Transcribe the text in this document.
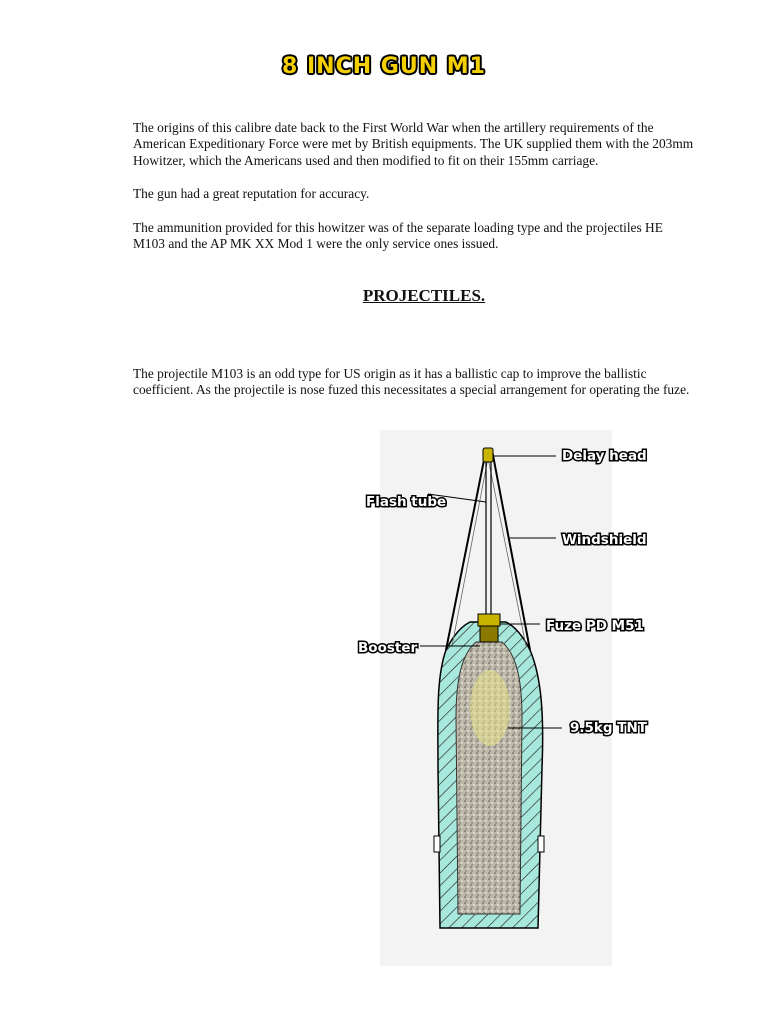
8 INCH GUN M1

The origins of this calibre date back to the First World War when the artillery requirements of the American Expeditionary Force were met by British equipments. The UK supplied them with the 203mm Howitzer, which the Americans used and then modified to fit on their 155mm carriage.

The gun had a great reputation for accuracy.

The ammunition provided for this howitzer was of the separate loading type and the projectiles HE M103 and the AP MK XX Mod 1 were the only service ones issued.

PROJECTILES.

The projectile M103 is an odd type for US origin as it has a ballistic cap to improve the ballistic coefficient. As the projectile is nose fuzed this necessitates a special arrangement for operating the fuze.

Delay head
Flash tube
Windshield
Fuze PD M51
Booster
9.5kg TNT
